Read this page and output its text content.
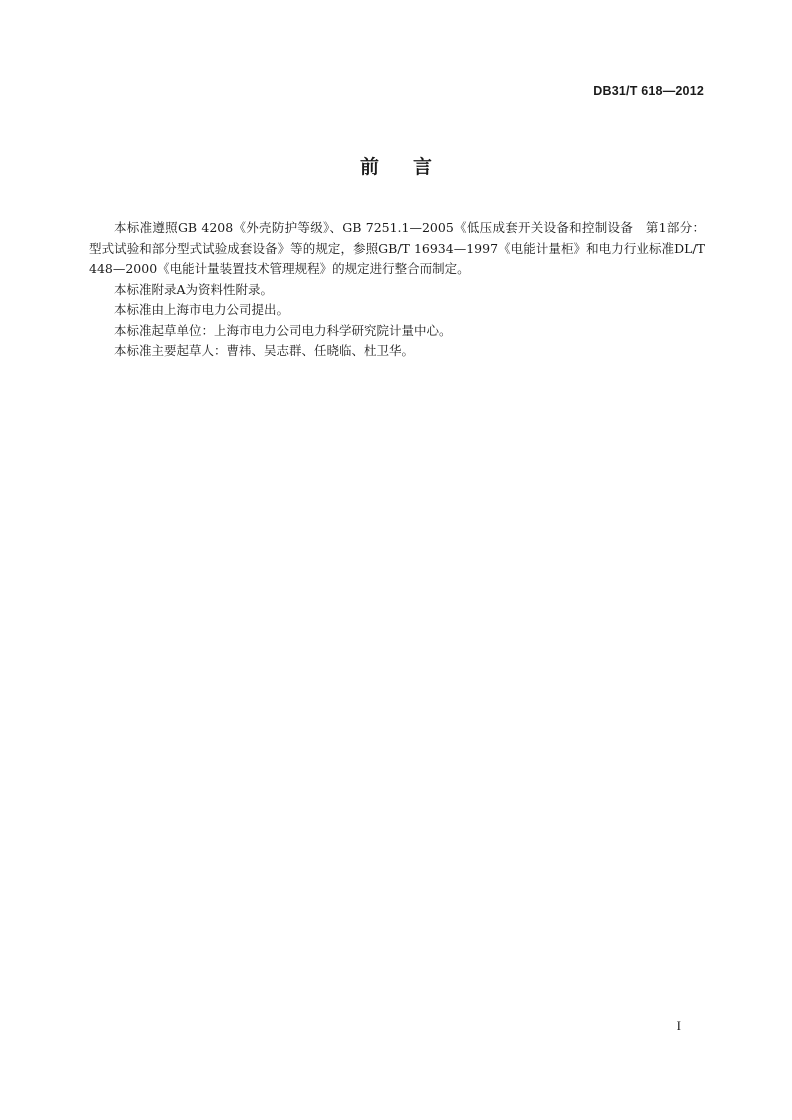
DB31/T 618—2012
前言

本标准遵照GB 4208《外壳防护等级》、GB 7251.1—2005《低压成套开关设备和控制设备　第1部分：型式试验和部分型式试验成套设备》等的规定，参照GB/T 16934—1997《电能计量柜》和电力行业标准DL/T 448—2000《电能计量装置技术管理规程》的规定进行整合而制定。

本标准附录A为资料性附录。

本标准由上海市电力公司提出。

本标准起草单位：上海市电力公司电力科学研究院计量中心。

本标准主要起草人：曹祎、吴志群、任晓临、杜卫华。

I
